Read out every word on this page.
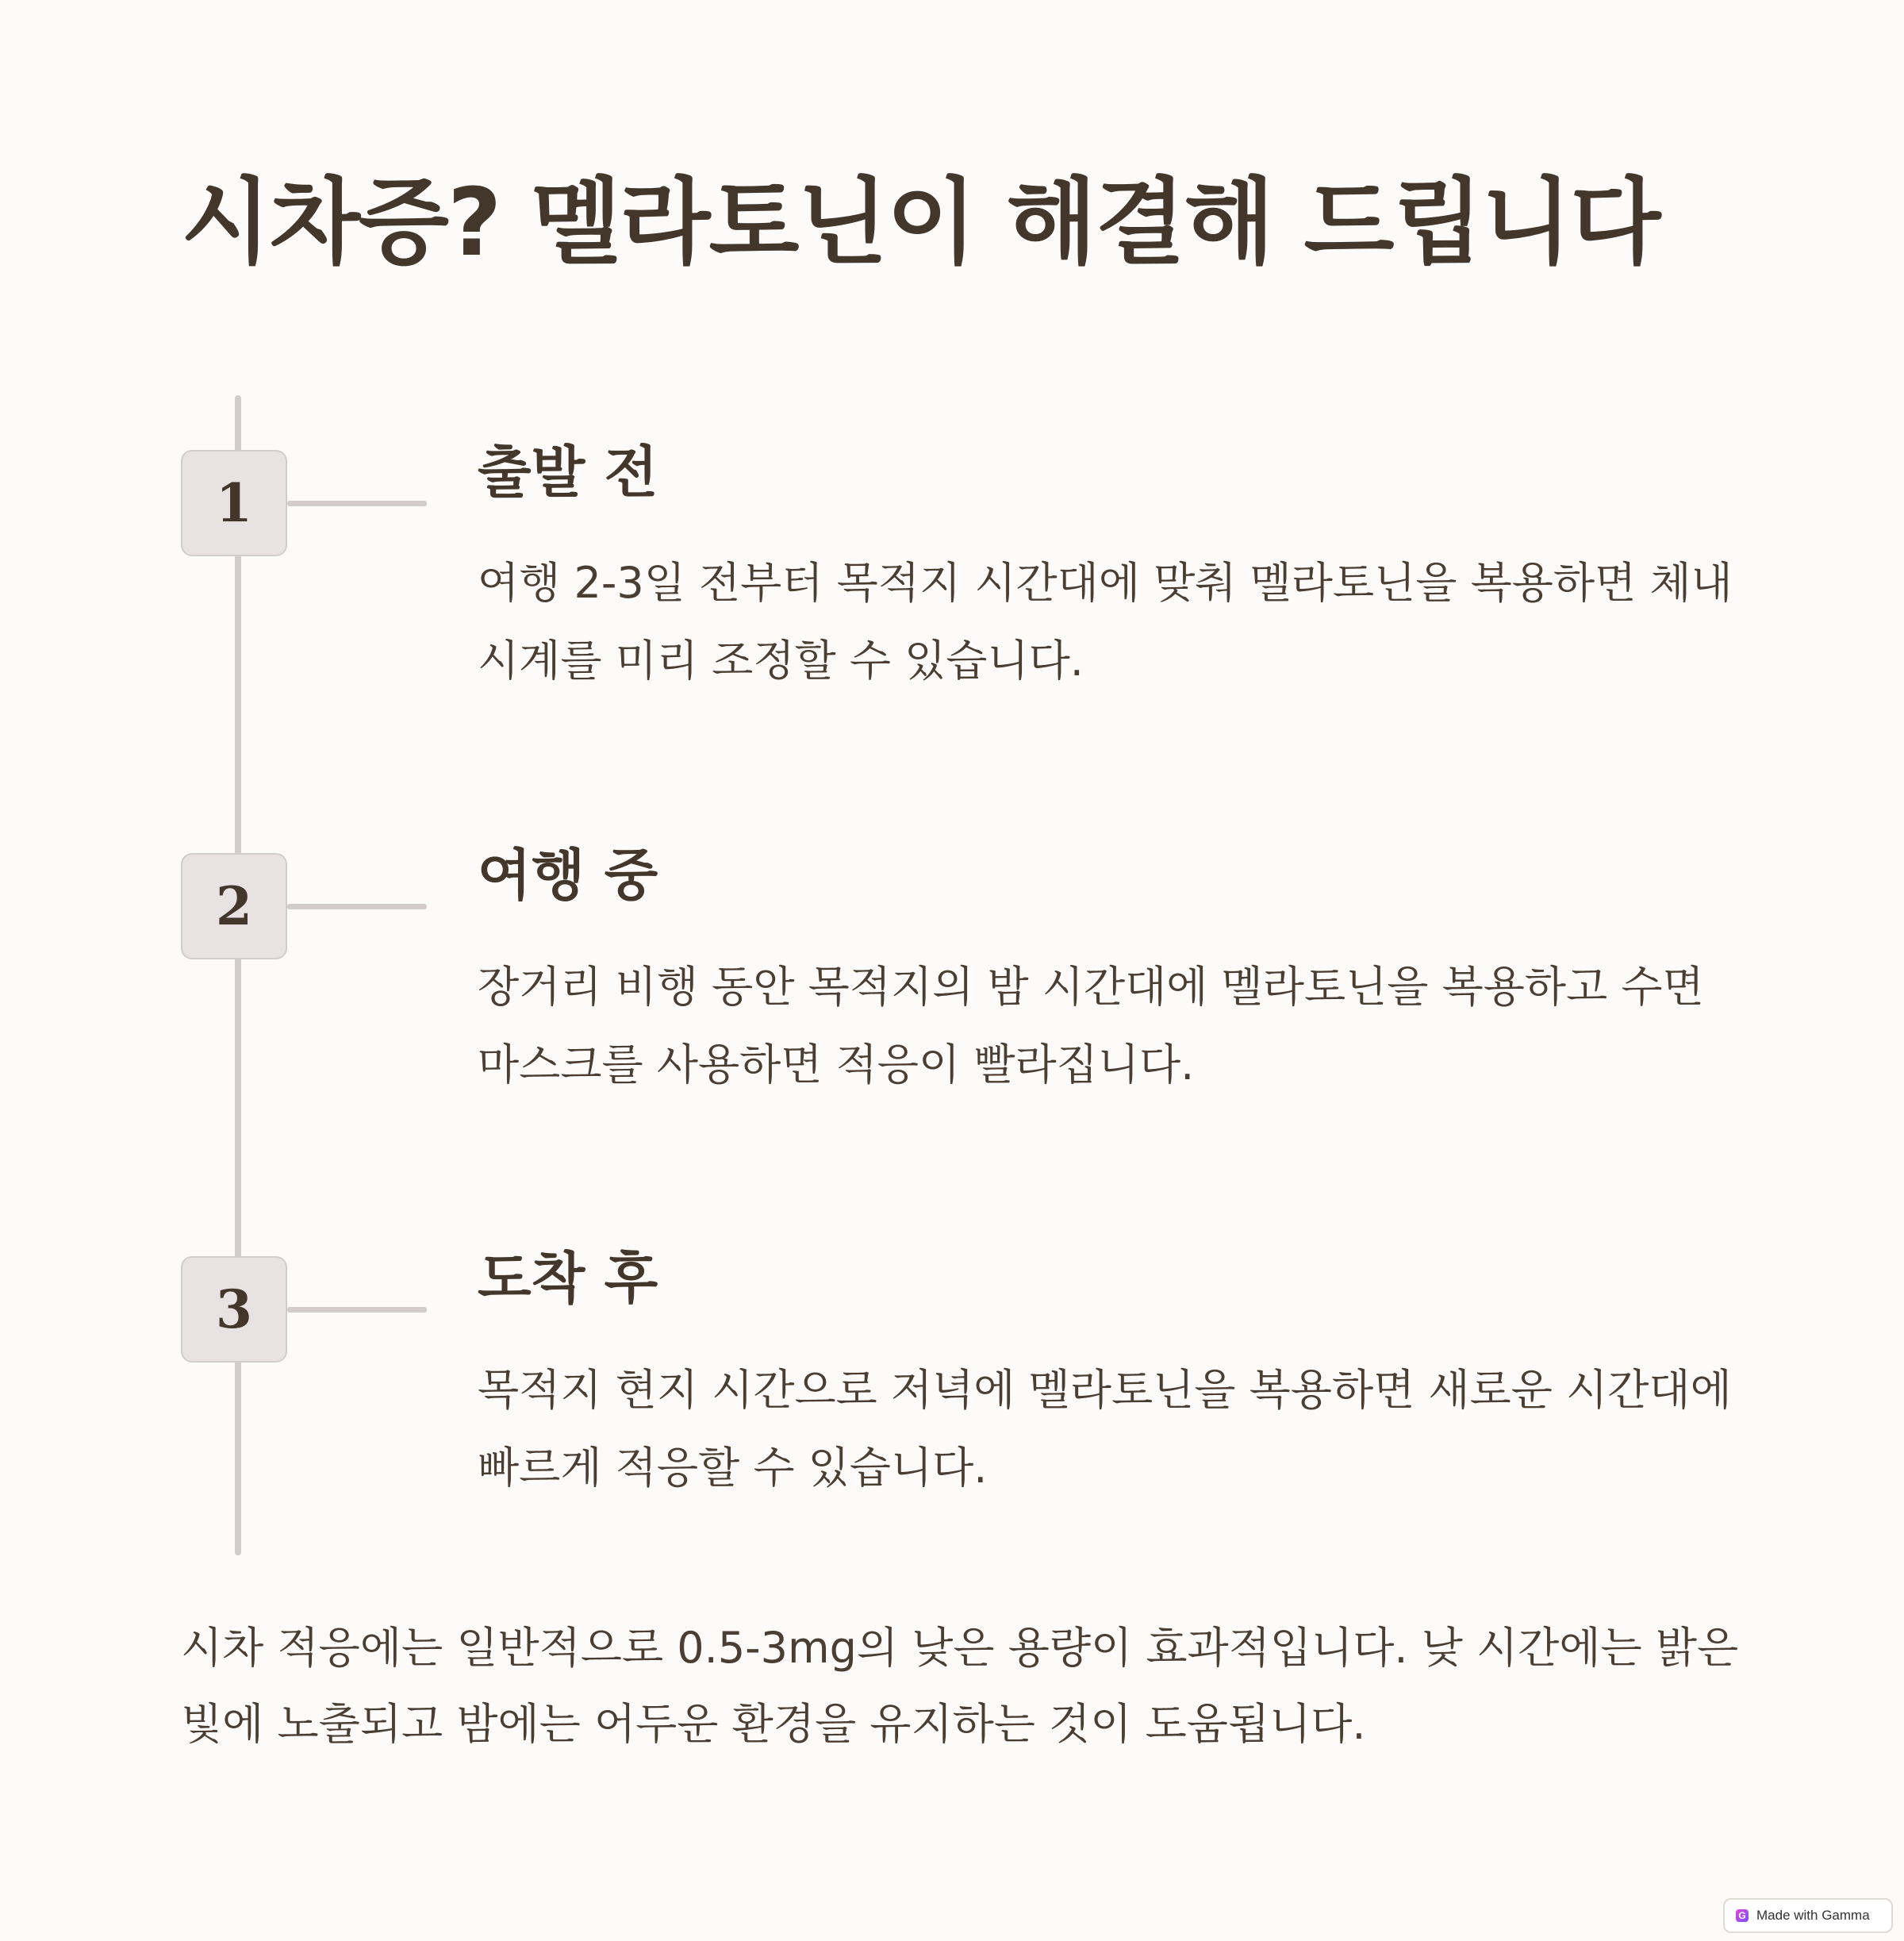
시차증? 멜라토닌이 해결해 드립니다
1	출발 전

여행 2-3일 전부터 목적지 시간대에 맞춰 멜라토닌을 복용하면 체내 시계를 미리 조정할 수 있습니다.

2	여행 중

장거리 비행 동안 목적지의 밤 시간대에 멜라토닌을 복용하고 수면 마스크를 사용하면 적응이 빨라집니다.

3	도착 후

목적지 현지 시간으로 저녁에 멜라토닌을 복용하면 새로운 시간대에 빠르게 적응할 수 있습니다.

시차 적응에는 일반적으로 0.5-3mg의 낮은 용량이 효과적입니다. 낮 시간에는 밝은 빛에 노출되고 밤에는 어두운 환경을 유지하는 것이 도움됩니다.

G Made with Gamma
